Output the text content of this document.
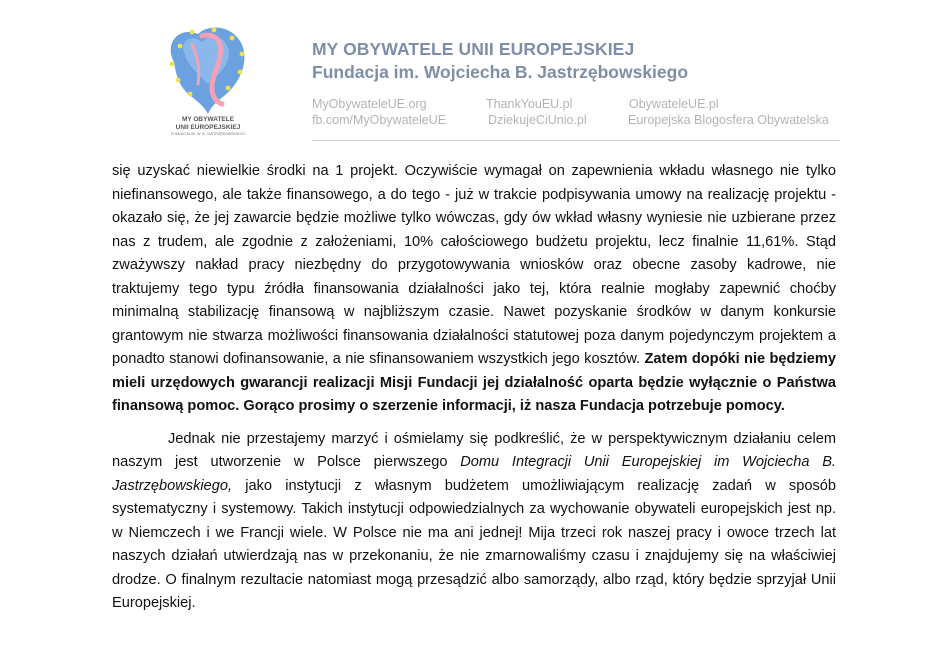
MY OBYWATELE
UNII EUROPEJSKIEJ
FUNDACJA IM. W. B. JASTRZĘBOWSKIEGO
MY OBYWATELE UNII EUROPEJSKIEJ
Fundacja im. Wojciecha B. Jastrzębowskiego
MyObywateleUE.org	ThankYouEU.pl	ObywateleUE.pl
fb.com/MyObywateleUE	DziekujeCiUnio.pl	Europejska Blogosfera Obywatelska

się uzyskać niewielkie środki na 1 projekt. Oczywiście wymagał on zapewnienia wkładu własnego nie tylko niefinansowego, ale także finansowego, a do tego - już w trakcie podpisywania umowy na realizację projektu - okazało się, że jej zawarcie będzie możliwe tylko wówczas, gdy ów wkład własny wyniesie nie uzbierane przez nas z trudem, ale zgodnie z założeniami, 10% całościowego budżetu projektu, lecz finalnie 11,61%. Stąd zważywszy nakład pracy niezbędny do przygotowywania wniosków oraz obecne zasoby kadrowe, nie traktujemy tego typu źródła finansowania działalności jako tej, która realnie mogłaby zapewnić choćby minimalną stabilizację finansową w najbliższym czasie. Nawet pozyskanie środków w danym konkursie grantowym nie stwarza możliwości finansowania działalności statutowej poza danym pojedynczym projektem a ponadto stanowi dofinansowanie, a nie sfinansowaniem wszystkich jego kosztów. Zatem dopóki nie będziemy mieli urzędowych gwarancji realizacji Misji Fundacji jej działalność oparta będzie wyłącznie o Państwa finansową pomoc. Gorąco prosimy o szerzenie informacji, iż nasza Fundacja potrzebuje pomocy.

Jednak nie przestajemy marzyć i ośmielamy się podkreślić, że w perspektywicznym działaniu celem naszym jest utworzenie w Polsce pierwszego Domu Integracji Unii Europejskiej im Wojciecha B. Jastrzębowskiego, jako instytucji z własnym budżetem umożliwiającym realizację zadań w sposób systematyczny i systemowy. Takich instytucji odpowiedzialnych za wychowanie obywateli europejskich jest np. w Niemczech i we Francji wiele. W Polsce nie ma ani jednej! Mija trzeci rok naszej pracy i owoce trzech lat naszych działań utwierdzają nas w przekonaniu, że nie zmarnowaliśmy czasu i znajdujemy się na właściwiej drodze. O finalnym rezultacie natomiast mogą przesądzić albo samorządy, albo rząd, który będzie sprzyjał Unii Europejskiej.
